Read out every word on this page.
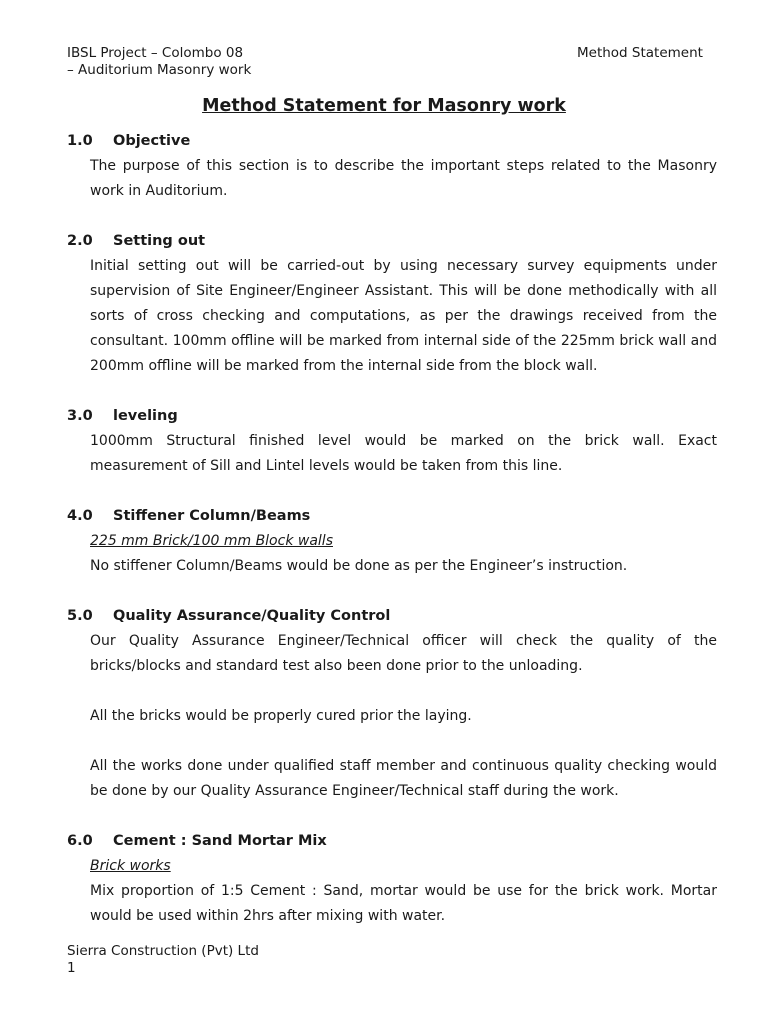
IBSL Project – Colombo 08
– Auditorium Masonry work
Method Statement
Method Statement for Masonry work
1.0 Objective

The purpose of this section is to describe the important steps related to the Masonry work in Auditorium.

2.0 Setting out

Initial setting out will be carried-out by using necessary survey equipments under supervision of Site Engineer/Engineer Assistant. This will be done methodically with all sorts of cross checking and computations, as per the drawings received from the consultant. 100mm offline will be marked from internal side of the 225mm brick wall and 200mm offline will be marked from the internal side from the block wall.

3.0 leveling

1000mm Structural finished level would be marked on the brick wall. Exact measurement of Sill and Lintel levels would be taken from this line.

4.0 Stiffener Column/Beams

225 mm Brick/100 mm Block walls

No stiffener Column/Beams would be done as per the Engineer’s instruction.

5.0 Quality Assurance/Quality Control

Our Quality Assurance Engineer/Technical officer will check the quality of the bricks/blocks and standard test also been done prior to the unloading.

All the bricks would be properly cured prior the laying.

All the works done under qualified staff member and continuous quality checking would be done by our Quality Assurance Engineer/Technical staff during the work.

6.0 Cement : Sand Mortar Mix

Brick works

Mix proportion of 1:5 Cement : Sand, mortar would be use for the brick work. Mortar would be used within 2hrs after mixing with water.

Sierra Construction (Pvt) Ltd
1
